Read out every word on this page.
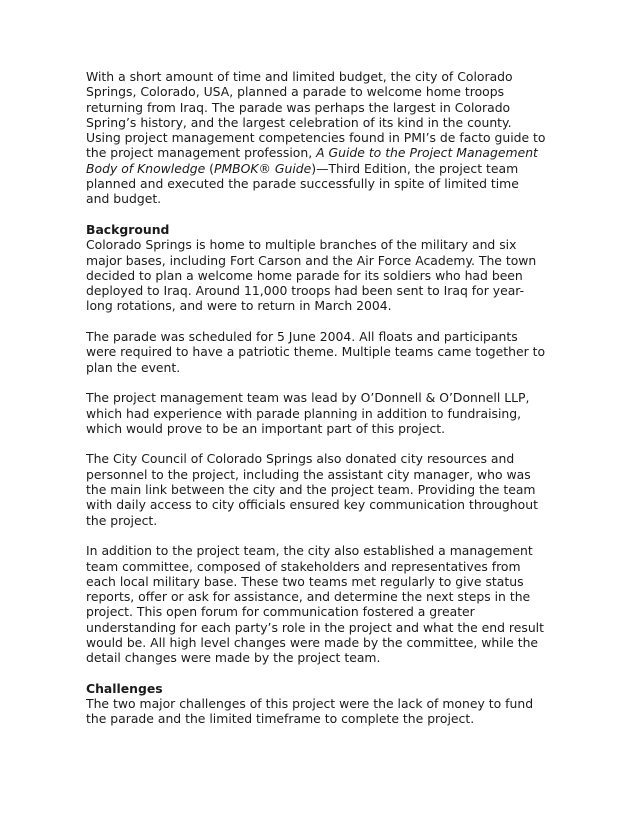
With a short amount of time and limited budget, the city of Colorado Springs, Colorado, USA, planned a parade to welcome home troops returning from Iraq. The parade was perhaps the largest in Colorado Spring’s history, and the largest celebration of its kind in the county. Using project management competencies found in PMI’s de facto guide to the project management profession, A Guide to the Project Management Body of Knowledge (PMBOK® Guide)—Third Edition, the project team planned and executed the parade successfully in spite of limited time and budget.

Background

Colorado Springs is home to multiple branches of the military and six major bases, including Fort Carson and the Air Force Academy. The town decided to plan a welcome home parade for its soldiers who had been deployed to Iraq. Around 11,000 troops had been sent to Iraq for year-long rotations, and were to return in March 2004.

The parade was scheduled for 5 June 2004. All floats and participants were required to have a patriotic theme. Multiple teams came together to plan the event.

The project management team was lead by O’Donnell & O’Donnell LLP, which had experience with parade planning in addition to fundraising, which would prove to be an important part of this project.

The City Council of Colorado Springs also donated city resources and personnel to the project, including the assistant city manager, who was the main link between the city and the project team. Providing the team with daily access to city officials ensured key communication throughout the project.

In addition to the project team, the city also established a management team committee, composed of stakeholders and representatives from each local military base. These two teams met regularly to give status reports, offer or ask for assistance, and determine the next steps in the project. This open forum for communication fostered a greater understanding for each party’s role in the project and what the end result would be. All high level changes were made by the committee, while the detail changes were made by the project team.

Challenges

The two major challenges of this project were the lack of money to fund the parade and the limited timeframe to complete the project.
